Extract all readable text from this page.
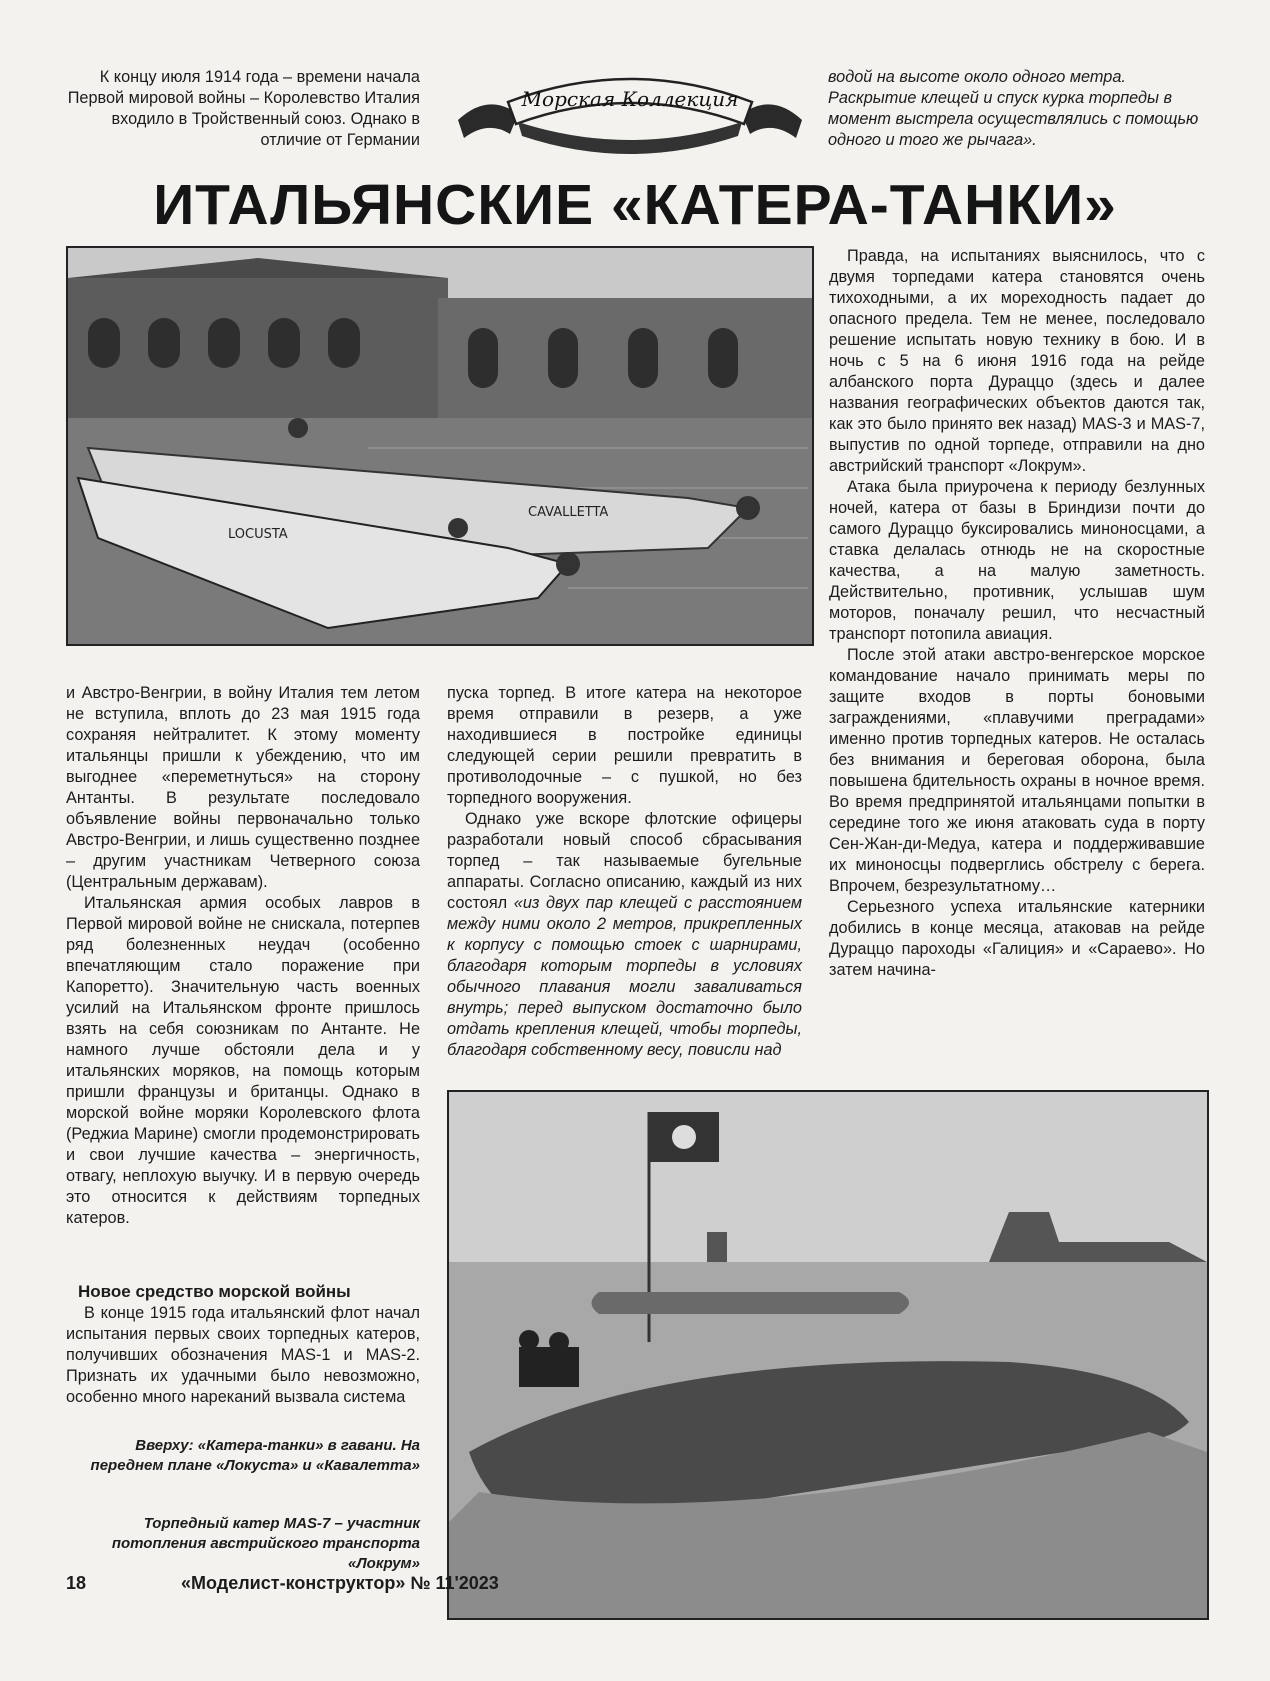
К концу июля 1914 года – времени начала Первой мировой войны – Королевство Италия входило в Тройственный союз. Однако в отличие от Германии

Морская Коллекция

водой на высоте около одного метра. Раскрытие клещей и спуск курка торпеды в момент выстрела осуществлялись с помощью одного и того же рычага».

ИТАЛЬЯНСКИЕ «КАТЕРА-ТАНКИ»
LOCUSTA
CAVALLETTA

и Австро-Венгрии, в войну Италия тем летом не вступила, вплоть до 23 мая 1915 года сохраняя нейтралитет. К этому моменту итальянцы пришли к убеждению, что им выгоднее «переметнуться» на сторону Антанты. В результате последовало объявление войны первоначально только Австро-Венгрии, и лишь существенно позднее – другим участникам Четверного союза (Центральным державам).

Итальянская армия особых лавров в Первой мировой войне не снискала, потерпев ряд болезненных неудач (особенно впечатляющим стало поражение при Капоретто). Значительную часть военных усилий на Итальянском фронте пришлось взять на себя союзникам по Антанте. Не намного лучше обстояли дела и у итальянских моряков, на помощь которым пришли французы и британцы. Однако в морской войне моряки Королевского флота (Реджиа Марине) смогли продемонстрировать и свои лучшие качества – энергичность, отвагу, неплохую выучку. И в первую очередь это относится к действиям торпедных катеров.

Новое средство морской войны

В конце 1915 года итальянский флот начал испытания первых своих торпедных катеров, получивших обозначения MAS-1 и MAS-2. Признать их удачными было невозможно, особенно много нареканий вызвала система

Вверху: «Катера-танки» в гавани. На переднем плане «Локуста» и «Кавалетта»
Торпедный катер MAS-7 – участник потопления австрийского транспорта «Локрум»

пуска торпед. В итоге катера на некоторое время отправили в резерв, а уже находившиеся в постройке единицы следующей серии решили превратить в противолодочные – с пушкой, но без торпедного вооружения.

Однако уже вскоре флотские офицеры разработали новый способ сбрасывания торпед – так называемые бугельные аппараты. Согласно описанию, каждый из них состоял «из двух пар клещей с расстоянием между ними около 2 метров, прикрепленных к корпусу с помощью стоек с шарнирами, благодаря которым торпеды в условиях обычного плавания могли заваливаться внутрь; перед выпуском достаточно было отдать крепления клещей, чтобы торпеды, благодаря собственному весу, повисли над

Правда, на испытаниях выяснилось, что с двумя торпедами катера становятся очень тихоходными, а их мореходность падает до опасного предела. Тем не менее, последовало решение испытать новую технику в бою. И в ночь с 5 на 6 июня 1916 года на рейде албанского порта Дураццо (здесь и далее названия географических объектов даются так, как это было принято век назад) MAS-3 и MAS-7, выпустив по одной торпеде, отправили на дно австрийский транспорт «Локрум».

Атака была приурочена к периоду безлунных ночей, катера от базы в Бриндизи почти до самого Дураццо буксировались миноносцами, а ставка делалась отнюдь не на скоростные качества, а на малую заметность. Действительно, противник, услышав шум моторов, поначалу решил, что несчастный транспорт потопила авиация.

После этой атаки австро-венгерское морское командование начало принимать меры по защите входов в порты боновыми заграждениями, «плавучими преградами» именно против торпедных катеров. Не осталась без внимания и береговая оборона, была повышена бдительность охраны в ночное время. Во время предпринятой итальянцами попытки в середине того же июня атаковать суда в порту Сен-Жан-ди-Медуа, катера и поддерживавшие их миноносцы подверглись обстрелу с берега. Впрочем, безрезультатному…

Серьезного успеха итальянские катерники добились в конце месяца, атаковав на рейде Дураццо пароходы «Галиция» и «Сараево». Но затем начина-

18	«Моделист-конструктор» № 11'2023
